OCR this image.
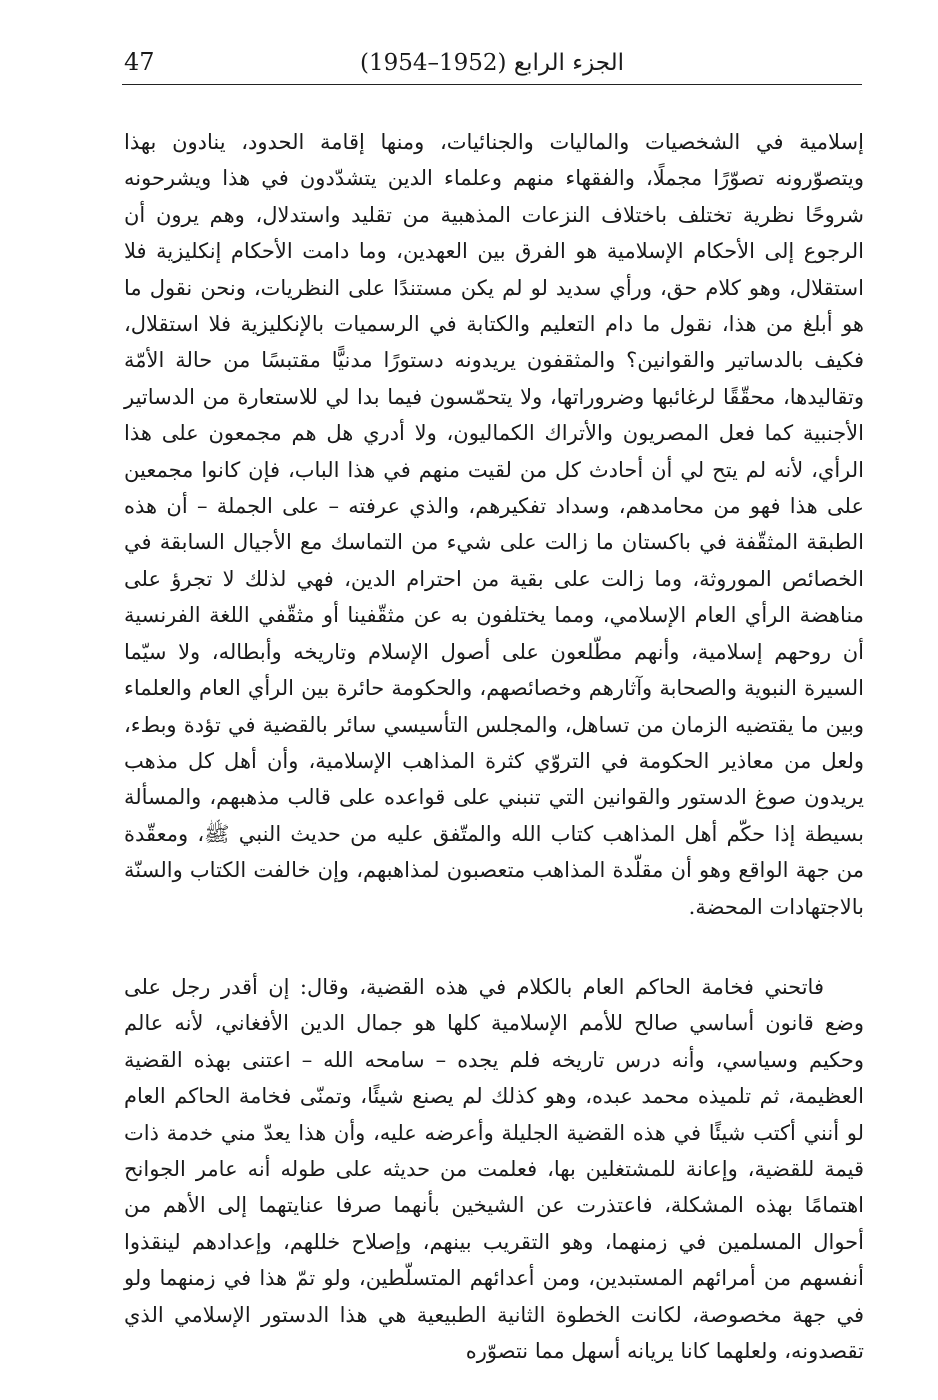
الجزء الرابع (1952–1954)
47

إسلامية في الشخصيات والماليات والجنائيات، ومنها إقامة الحدود، ينادون بهذا ويتصوّرونه تصوّرًا مجملًا، والفقهاء منهم وعلماء الدين يتشدّدون في هذا ويشرحونه شروحًا نظرية تختلف باختلاف النزعات المذهبية من تقليد واستدلال، وهم يرون أن الرجوع إلى الأحكام الإسلامية هو الفرق بين العهدين، وما دامت الأحكام إنكليزية فلا استقلال، وهو كلام حق، ورأي سديد لو لم يكن مستندًا على النظريات، ونحن نقول ما هو أبلغ من هذا، نقول ما دام التعليم والكتابة في الرسميات بالإنكليزية فلا استقلال، فكيف بالدساتير والقوانين؟ والمثقفون يريدونه دستورًا مدنيًّا مقتبسًا من حالة الأمّة وتقاليدها، محقّقًا لرغائبها وضروراتها، ولا يتحمّسون فيما بدا لي للاستعارة من الدساتير الأجنبية كما فعل المصريون والأتراك الكماليون، ولا أدري هل هم مجمعون على هذا الرأي، لأنه لم يتح لي أن أحادث كل من لقيت منهم في هذا الباب، فإن كانوا مجمعين على هذا فهو من محامدهم، وسداد تفكيرهم، والذي عرفته – على الجملة – أن هذه الطبقة المثقّفة في باكستان ما زالت على شيء من التماسك مع الأجيال السابقة في الخصائص الموروثة، وما زالت على بقية من احترام الدين، فهي لذلك لا تجرؤ على مناهضة الرأي العام الإسلامي، ومما يختلفون به عن مثقّفينا أو مثقّفي اللغة الفرنسية أن روحهم إسلامية، وأنهم مطّلعون على أصول الإسلام وتاريخه وأبطاله، ولا سيّما السيرة النبوية والصحابة وآثارهم وخصائصهم، والحكومة حائرة بين الرأي العام والعلماء وبين ما يقتضيه الزمان من تساهل، والمجلس التأسيسي سائر بالقضية في تؤدة وبطء، ولعل من معاذير الحكومة في التروّي كثرة المذاهب الإسلامية، وأن أهل كل مذهب يريدون صوغ الدستور والقوانين التي تنبني على قواعده على قالب مذهبهم، والمسألة بسيطة إذا حكّم أهل المذاهب كتاب الله والمتّفق عليه من حديث النبي ﷺ، ومعقّدة من جهة الواقع وهو أن مقلّدة المذاهب متعصبون لمذاهبهم، وإن خالفت الكتاب والسنّة بالاجتهادات المحضة.

فاتحني فخامة الحاكم العام بالكلام في هذه القضية، وقال: إن أقدر رجل على وضع قانون أساسي صالح للأمم الإسلامية كلها هو جمال الدين الأفغاني، لأنه عالم وحكيم وسياسي، وأنه درس تاريخه فلم يجده – سامحه الله – اعتنى بهذه القضية العظيمة، ثم تلميذه محمد عبده، وهو كذلك لم يصنع شيئًا، وتمنّى فخامة الحاكم العام لو أنني أكتب شيئًا في هذه القضية الجليلة وأعرضه عليه، وأن هذا يعدّ مني خدمة ذات قيمة للقضية، وإعانة للمشتغلين بها، فعلمت من حديثه على طوله أنه عامر الجوانح اهتمامًا بهذه المشكلة، فاعتذرت عن الشيخين بأنهما صرفا عنايتهما إلى الأهم من أحوال المسلمين في زمنهما، وهو التقريب بينهم، وإصلاح خللهم، وإعدادهم لينقذوا أنفسهم من أمرائهم المستبدين، ومن أعدائهم المتسلّطين، ولو تمّ هذا في زمنهما ولو في جهة مخصوصة، لكانت الخطوة الثانية الطبيعية هي هذا الدستور الإسلامي الذي تقصدونه، ولعلهما كانا يريانه أسهل مما نتصوّره
